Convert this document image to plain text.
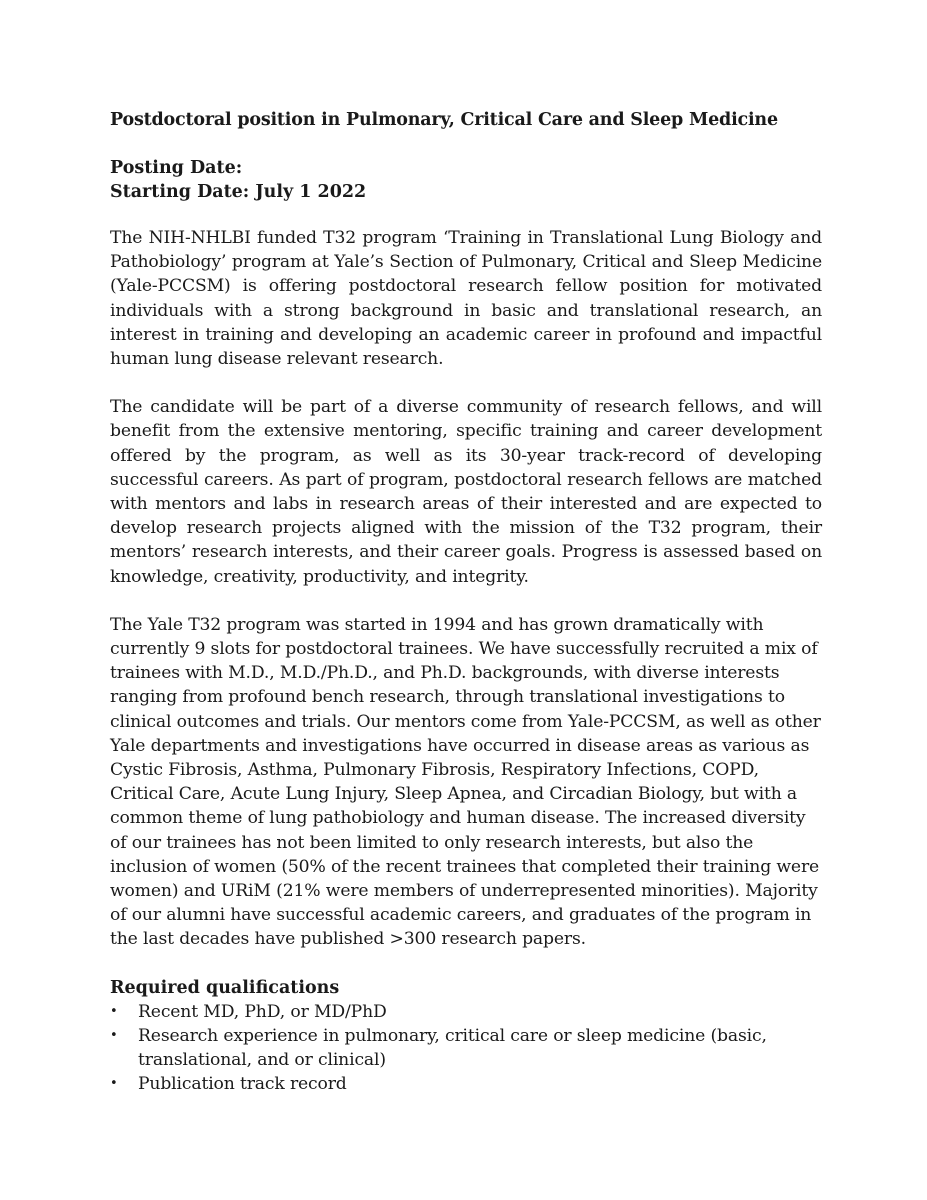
Postdoctoral position in Pulmonary, Critical Care and Sleep Medicine
Posting Date:
Starting Date: July 1 2022

The NIH-NHLBI funded T32 program ‘Training in Translational Lung Biology and Pathobiology’ program at Yale’s Section of Pulmonary, Critical and Sleep Medicine (Yale-PCCSM) is offering postdoctoral research fellow position for motivated individuals with a strong background in basic and translational research, an interest in training and developing an academic career in profound and impactful human lung disease relevant research.

The candidate will be part of a diverse community of research fellows, and will benefit from the extensive mentoring, specific training and career development offered by the program, as well as its 30-year track-record of developing successful careers. As part of program, postdoctoral research fellows are matched with mentors and labs in research areas of their interested and are expected to develop research projects aligned with the mission of the T32 program, their mentors’ research interests, and their career goals. Progress is assessed based on knowledge, creativity, productivity, and integrity.

The Yale T32 program was started in 1994 and has grown dramatically with currently 9 slots for postdoctoral trainees. We have successfully recruited a mix of trainees with M.D., M.D./Ph.D., and Ph.D. backgrounds, with diverse interests ranging from profound bench research, through translational investigations to clinical outcomes and trials. Our mentors come from Yale-PCCSM, as well as other Yale departments and investigations have occurred in disease areas as various as Cystic Fibrosis, Asthma, Pulmonary Fibrosis, Respiratory Infections, COPD, Critical Care, Acute Lung Injury, Sleep Apnea, and Circadian Biology, but with a common theme of lung pathobiology and human disease. The increased diversity of our trainees has not been limited to only research interests, but also the inclusion of women (50% of the recent trainees that completed their training were women) and URiM (21% were members of underrepresented minorities). Majority of our alumni have successful academic careers, and graduates of the program in the last decades have published >300 research papers.

Required qualifications
•	Recent MD, PhD, or MD/PhD
•	Research experience in pulmonary, critical care or sleep medicine (basic, translational, and or clinical)
•	Publication track record
